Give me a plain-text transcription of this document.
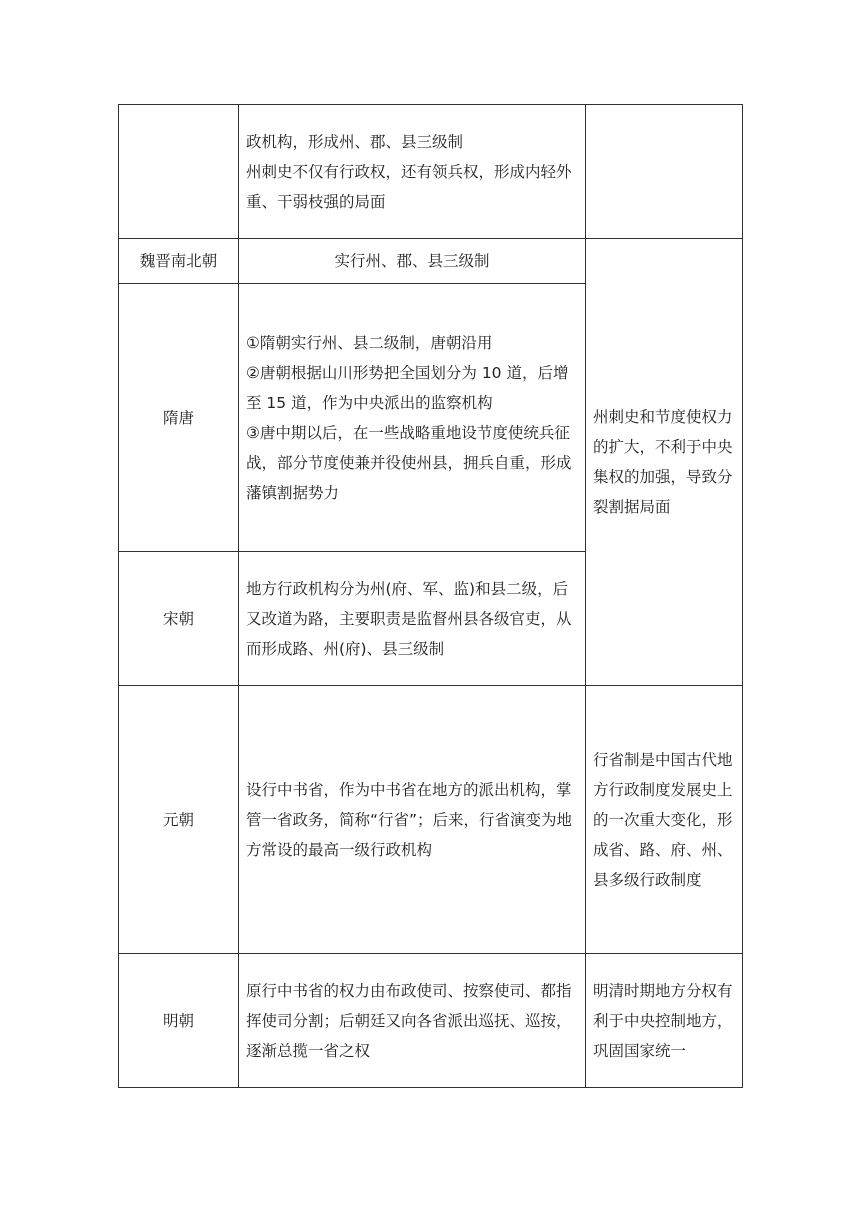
	政机构，形成州、郡、县三级制
州刺史不仅有行政权，还有领兵权，形成内轻外重、干弱枝强的局面	

魏晋南北朝	实行州、郡、县三级制	州刺史和节度使权力的扩大，不利于中央集权的加强，导致分裂割据局面
隋唐	①隋朝实行州、县二级制，唐朝沿用
②唐朝根据山川形势把全国划分为 10 道，后增至 15 道，作为中央派出的监察机构
③唐中期以后，在一些战略重地设节度使统兵征战，部分节度使兼并役使州县，拥兵自重，形成藩镇割据势力	

宋朝	地方行政机构分为州(府、军、监)和县二级，后又改道为路，主要职责是监督州县各级官吏，从而形成路、州(府)、县三级制	

元朝	设行中书省，作为中书省在地方的派出机构，掌管一省政务，简称“行省”；后来，行省演变为地方常设的最高一级行政机构	行省制是中国古代地方行政制度发展史上的一次重大变化，形成省、路、府、州、县多级行政制度
明朝	原行中书省的权力由布政使司、按察使司、都指挥使司分割；后朝廷又向各省派出巡抚、巡按，逐渐总揽一省之权	明清时期地方分权有利于中央控制地方，巩固国家统一
